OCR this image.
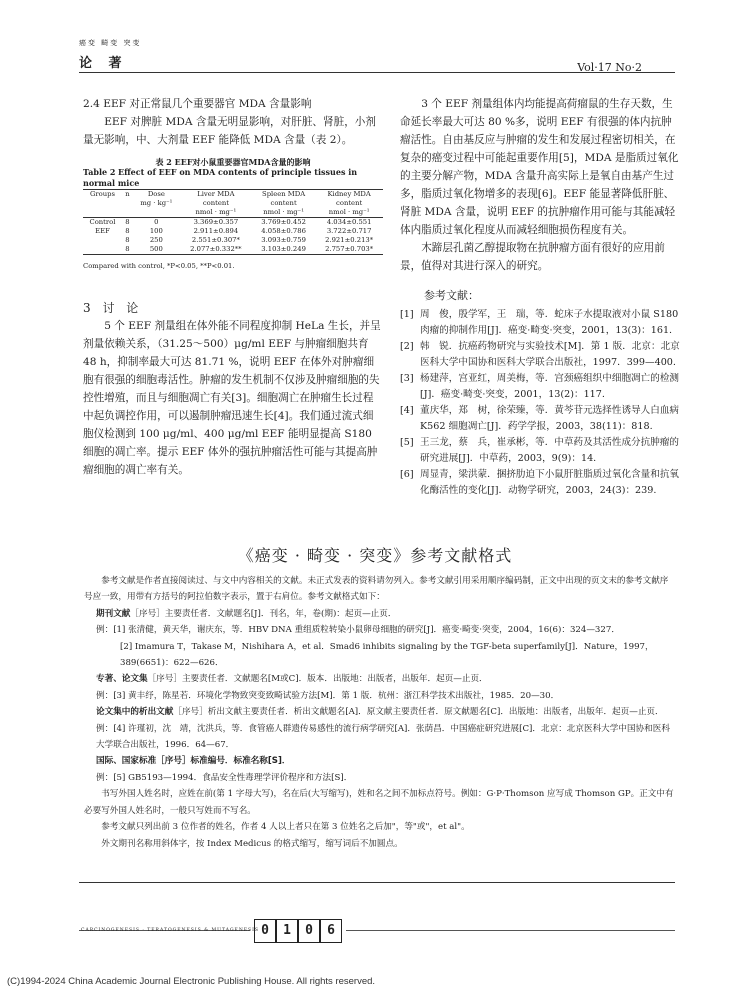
癌变 畸变 突变
论 著	Vol·17 No·2

2.4 EEF 对正常鼠几个重要器官 MDA 含量影响

EEF 对脾脏 MDA 含量无明显影响，对肝脏、肾脏，小剂量无影响，中、大剂量 EEF 能降低 MDA 含量（表 2）。

表 2 EEF对小鼠重要器官MDA含量的影响
Table 2 Effect of EEF on MDA contents of principle tissues in normal mice
Groups	n	Dose	Liver MDA	Spleen MDA	Kidney MDA
		mg · kg⁻¹	content	content	content
			nmol · mg⁻¹	nmol · mg⁻¹	nmol · mg⁻¹
Control	8	0	3.369±0.357	3.769±0.452	4.034±0.551
EEF	8	100	2.911±0.894	4.058±0.786	3.722±0.717
	8	250	2.551±0.307*	3.093±0.759	2.921±0.213*
	8	500	2.077±0.332**	3.103±0.249	2.757±0.703*
Compared with control, *P<0.05, **P<0.01.

3 讨 论

5 个 EEF 剂量组在体外能不同程度抑制 HeLa 生长，并呈剂量依赖关系，（31.25～500）μg/ml EEF 与肿瘤细胞共育 48 h，抑制率最大可达 81.71 %，说明 EEF 在体外对肿瘤细胞有很强的细胞毒活性。肿瘤的发生机制不仅涉及肿瘤细胞的失控性增殖，而且与细胞凋亡有关[3]。细胞凋亡在肿瘤生长过程中起负调控作用，可以遏制肿瘤迅速生长[4]。我们通过流式细胞仪检测到 100 μg/ml、400 μg/ml EEF 能明显提高 S180 细胞的凋亡率。提示 EEF 体外的强抗肿瘤活性可能与其提高肿瘤细胞的凋亡率有关。

3 个 EEF 剂量组体内均能提高荷瘤鼠的生存天数，生命延长率最大可达 80 %多，说明 EEF 有很强的体内抗肿瘤活性。自由基反应与肿瘤的发生和发展过程密切相关，在复杂的癌变过程中可能起重要作用[5]，MDA 是脂质过氧化的主要分解产物，MDA 含量升高实际上是氧自由基产生过多，脂质过氧化物增多的表现[6]。EEF 能显著降低肝脏、肾脏 MDA 含量，说明 EEF 的抗肿瘤作用可能与其能减轻体内脂质过氧化程度从而减轻细胞损伤程度有关。

木蹄层孔菌乙醇提取物在抗肿瘤方面有很好的应用前景，值得对其进行深入的研究。

参考文献：
[1] 周　俊，殷学军，王　瑞，等．蛇床子水提取液对小鼠 S180 肉瘤的抑制作用[J]．癌变·畸变·突变，2001，13(3)：161.
[2] 韩　锐．抗癌药物研究与实验技术[M]．第 1 版．北京：北京医科大学中国协和医科大学联合出版社，1997．399—400.
[3] 杨建萍，宫亚红，周美梅，等．宫颈癌组织中细胞凋亡的检测[J]．癌变·畸变·突变，2001，13(2)：117.
[4] 董庆华，郑　树，徐荣臻，等．黄芩苷元选择性诱导人白血病 K562 细胞凋亡[J]．药学学报，2003，38(11)：818.
[5] 王三龙，蔡　兵，崔承彬，等．中草药及其活性成分抗肿瘤的研究进展[J]．中草药，2003，9(9)：14.
[6] 周显青，梁洪蒙．捆挤肋迫下小鼠肝脏脂质过氧化含量和抗氧化酶活性的变化[J]．动物学研究，2003，24(3)：239.
《癌变 · 畸变 · 突变》参考文献格式

参考文献是作者直接阅读过、与文中内容相关的文献。未正式发表的资料请勿列入。参考文献引用采用顺序编码制，正文中出现的页文末的参考文献序号应一致，用带有方括号的阿拉伯数字表示，置于右肩位。参考文献格式如下：

期刊文献［序号］主要责任者．文献题名[J]．刊名，年，卷(期)：起页—止页．

例：[1] 张清健，黄天华，谢庆东，等．HBV DNA 重组质粒转染小鼠卵母细胞的研究[J]．癌变·畸变·突变，2004，16(6)：324—327．

[2] Imamura T，Takase M，Nishihara A，et al．Smad6 inhibits signaling by the TGF-beta superfamily[J]．Nature，1997，389(6651)：622—626．

专著、论文集［序号］主要责任者．文献题名[M或C]．版本．出版地：出版者，出版年．起页—止页．

例：[3] 黄丰纾，陈星若．环境化学物致突变致畸试验方法[M]．第 1 版．杭州：浙江科学技术出版社，1985．20—30．

论文集中的析出文献［序号］析出文献主要责任者．析出文献题名[A]．原文献主要责任者．原文献题名[C]．出版地：出版者，出版年．起页—止页．

例：[4] 许瑾初，沈　靖，沈洪兵，等．食管癌人群遗传易感性的流行病学研究[A]．张荫昌．中国癌症研究进展[C]．北京：北京医科大学中国协和医科大学联合出版社，1996．64—67．

国际、国家标准［序号］标准编号．标准名称[S]．

例：[5] GB5193—1994．食品安全性毒理学评价程序和方法[S]．

书写外国人姓名时，应姓在前(第 1 字母大写)，名在后(大写缩写)，姓和名之间不加标点符号。例如：G·P·Thomson 应写成 Thomson GP。正文中有必要写外国人姓名时，一般只写姓而不写名。

参考文献只列出前 3 位作者的姓名，作者 4 人以上者只在第 3 位姓名之后加"，等"或"，et al"。

外文期刊名称用斜体字，按 Index Medicus 的格式缩写，缩写词后不加圆点。

CARCINOGENESIS · TERATOGENESIS & MUTAGENESIS 0	1	0	6
(C)1994-2024 China Academic Journal Electronic Publishing House. All rights reserved.
